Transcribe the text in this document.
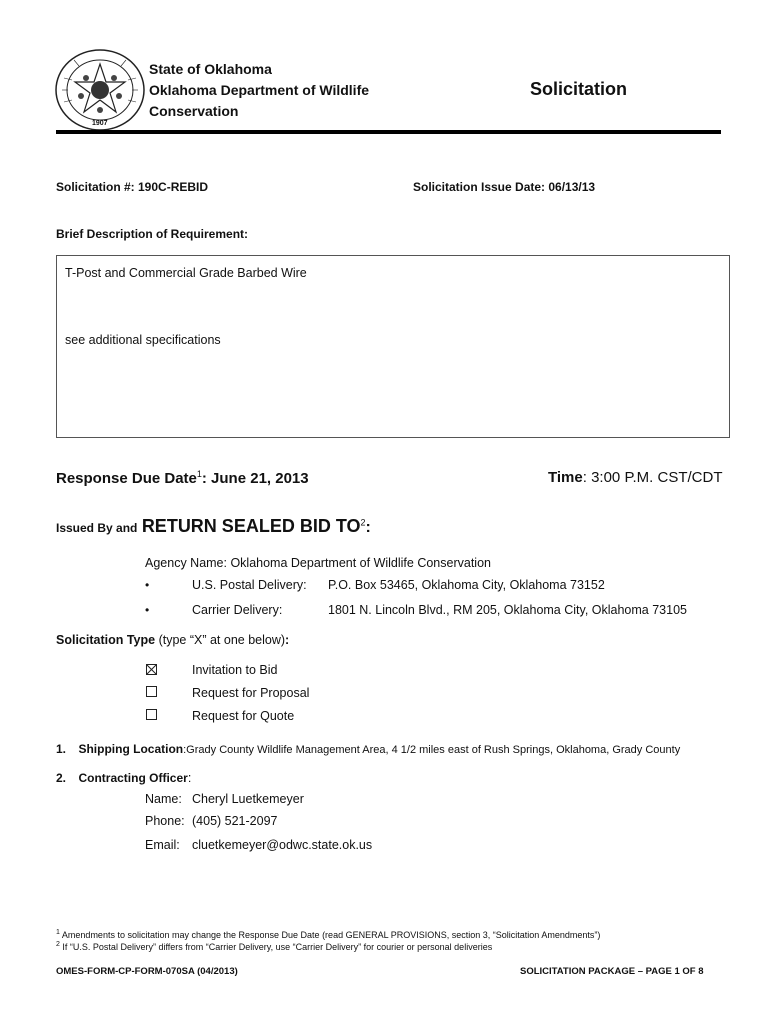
1907
State of Oklahoma
Oklahoma Department of Wildlife
Conservation
Solicitation
Solicitation #: 190C-REBID	Solicitation Issue Date: 06/13/13
Brief Description of Requirement:
T-Post and Commercial Grade Barbed Wire
see additional specifications
Response Due Date$^1$: June 21, 2013	Time: 3:00 P.M. CST/CDT
Issued By and RETURN SEALED BID $TO^2$:
Agency Name: Oklahoma Department of Wildlife Conservation
•	U.S. Postal Delivery: P.O. Box 53465, Oklahoma City, Oklahoma 73152
•	Carrier Delivery:	1801 N. Lincoln Blvd., RM 205, Oklahoma City, Oklahoma 73105
Solicitation Type (type “X” at one below):
Invitation to Bid
Request for Proposal
Request for Quote
1. Shipping Location:Grady County Wildlife Management Area, 4 1/2 miles east of Rush Springs, Oklahoma, Grady County
2. Contracting Officer:
Name: Cheryl Luetkemeyer
Phone: (405) 521-2097
Email: cluetkemeyer@odwc.state.ok.us
$^1$ Amendments to solicitation may change the Response Due Date (read GENERAL PROVISIONS, section 3, “Solicitation Amendments”)
$^2$ If “U.S. Postal Delivery” differs from “Carrier Delivery, use “Carrier Delivery” for courier or personal deliveries
OMES-FORM-CP-FORM-070SA (04/2013)	SOLICITATION PACKAGE – PAGE 1 OF 8
